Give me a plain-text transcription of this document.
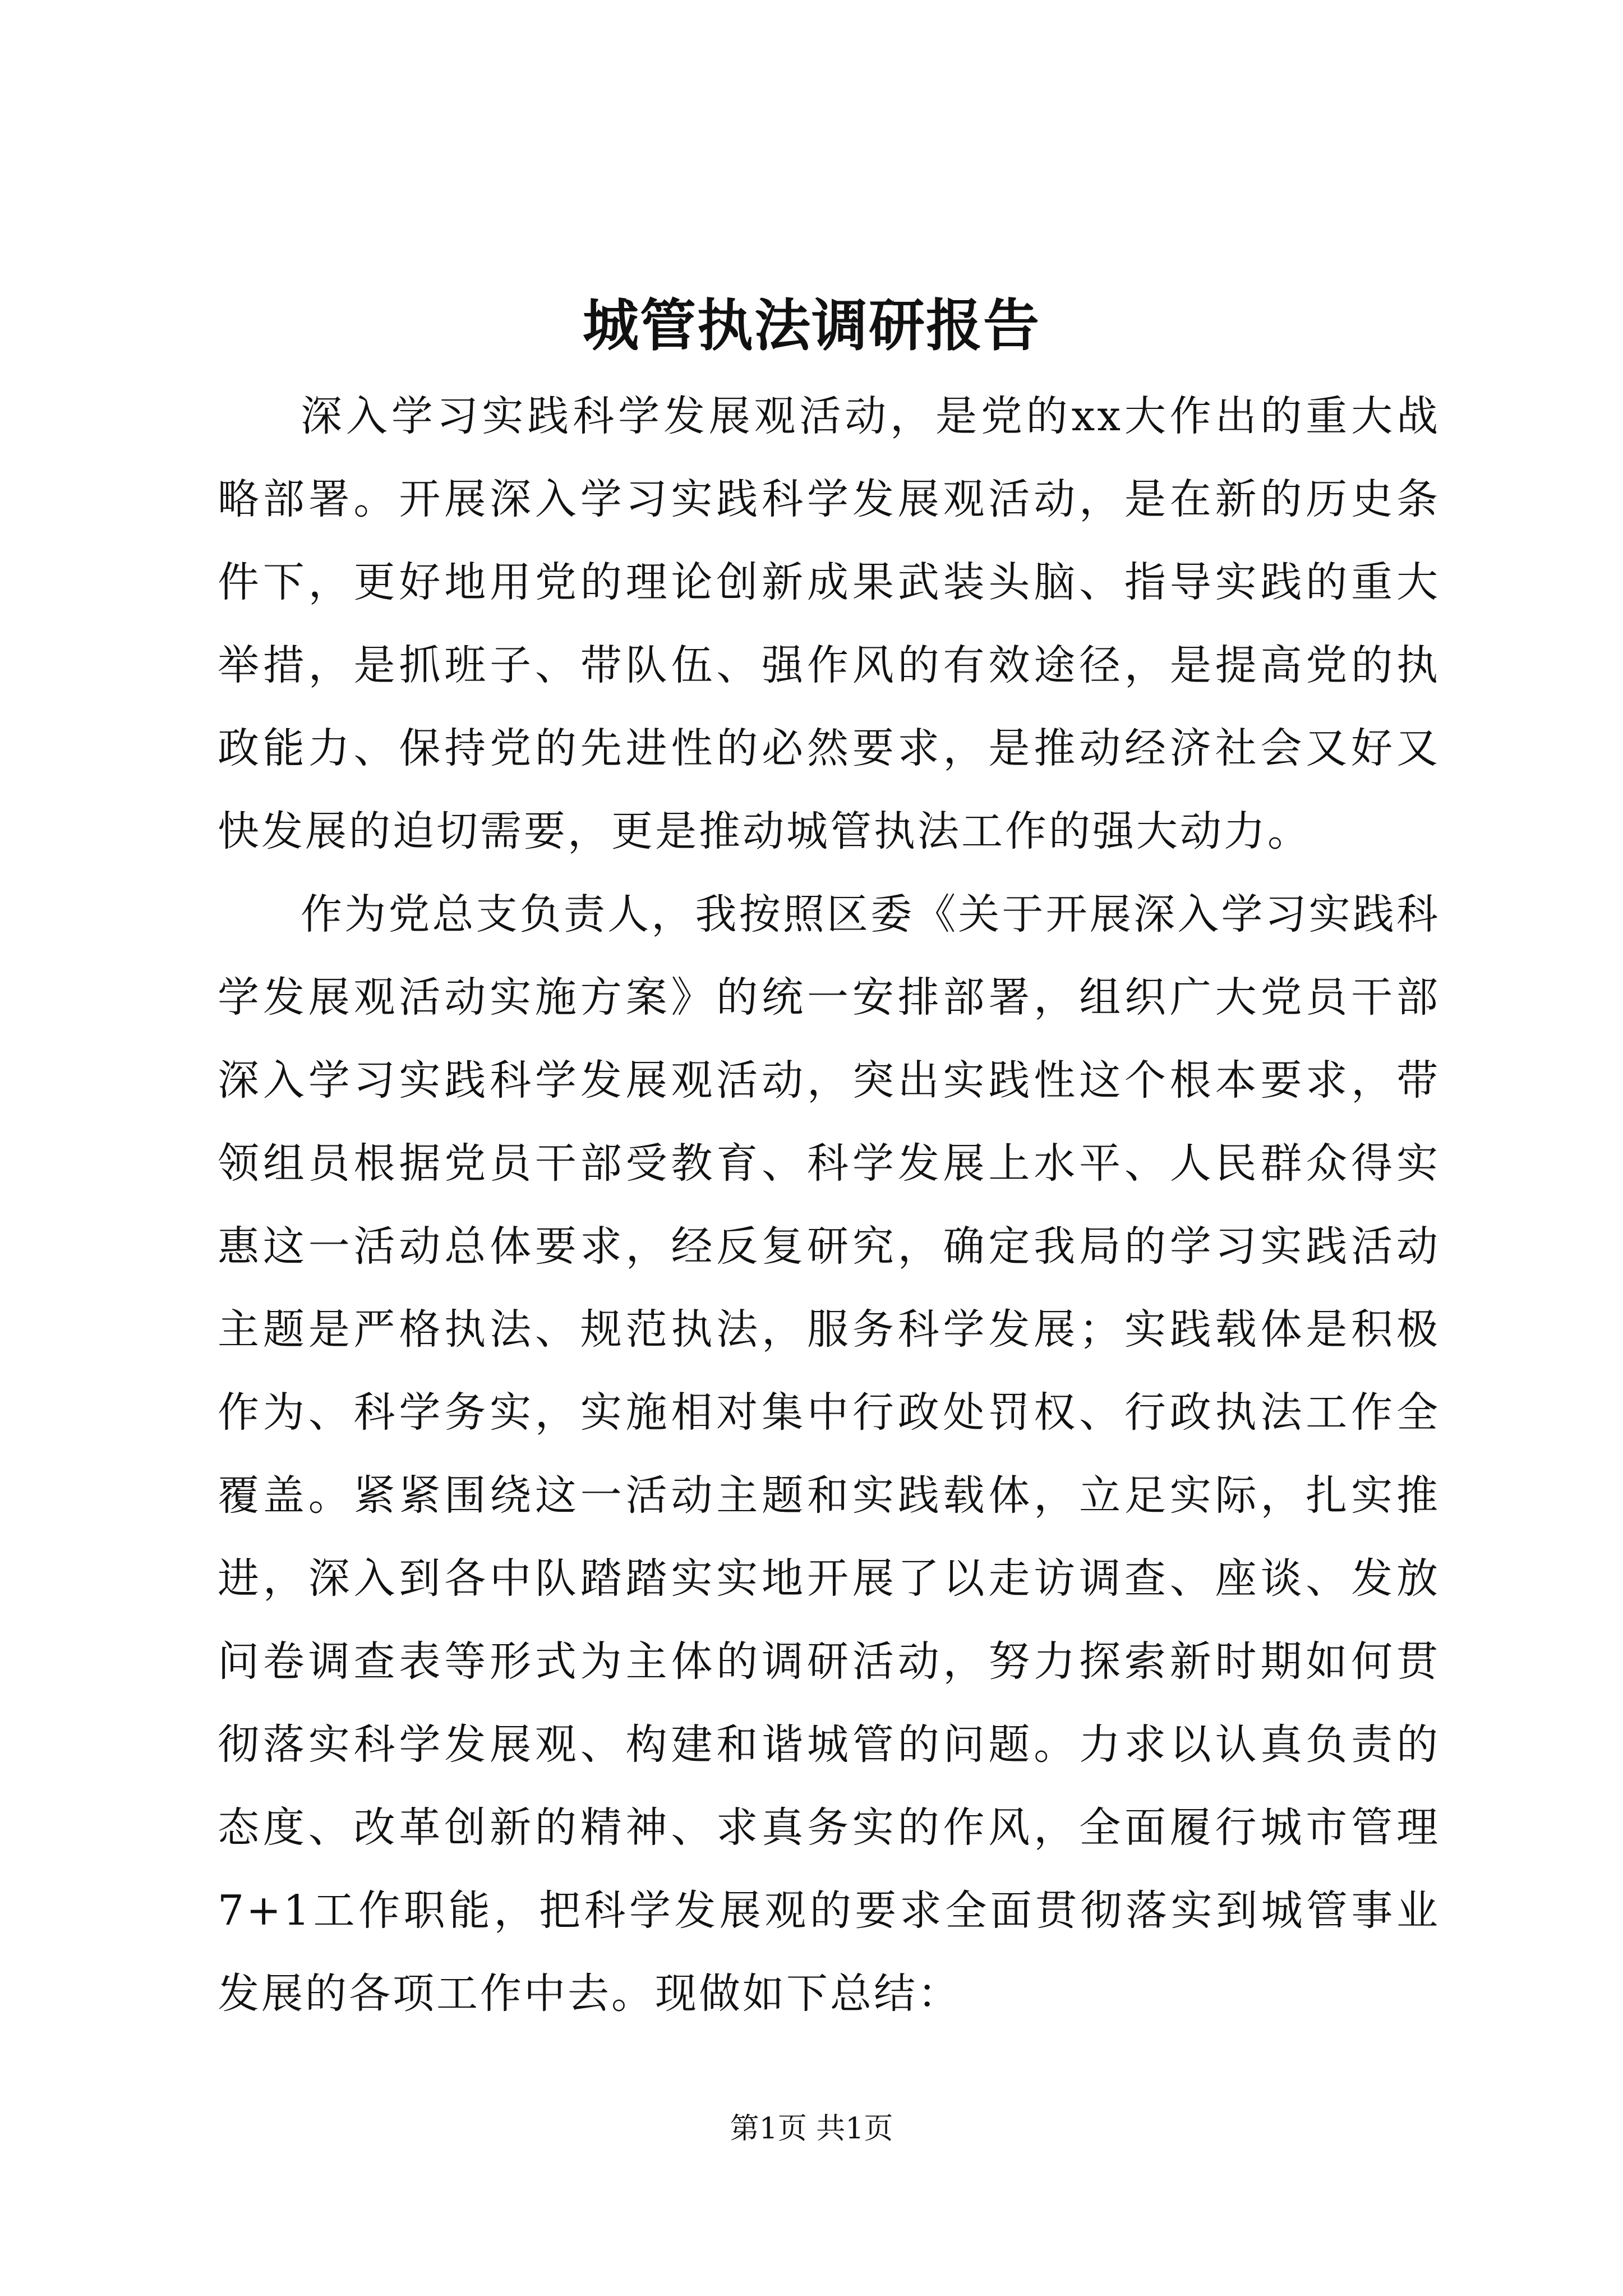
城管执法调研报告

深入学习实践科学发展观活动，是党的xx大作出的重大战略部署。开展深入学习实践科学发展观活动，是在新的历史条件下，更好地用党的理论创新成果武装头脑、指导实践的重大举措，是抓班子、带队伍、强作风的有效途径，是提高党的执政能力、保持党的先进性的必然要求，是推动经济社会又好又快发展的迫切需要，更是推动城管执法工作的强大动力。

作为党总支负责人，我按照区委《关于开展深入学习实践科学发展观活动实施方案》的统一安排部署，组织广大党员干部深入学习实践科学发展观活动，突出实践性这个根本要求，带领组员根据党员干部受教育、科学发展上水平、人民群众得实惠这一活动总体要求，经反复研究，确定我局的学习实践活动主题是严格执法、规范执法，服务科学发展；实践载体是积极作为、科学务实，实施相对集中行政处罚权、行政执法工作全覆盖。紧紧围绕这一活动主题和实践载体，立足实际，扎实推进，深入到各中队踏踏实实地开展了以走访调查、座谈、发放问卷调查表等形式为主体的调研活动，努力探索新时期如何贯彻落实科学发展观、构建和谐城管的问题。力求以认真负责的态度、改革创新的精神、求真务实的作风，全面履行城市管理7+1工作职能，把科学发展观的要求全面贯彻落实到城管事业发展的各项工作中去。现做如下总结：

第1页 共1页
